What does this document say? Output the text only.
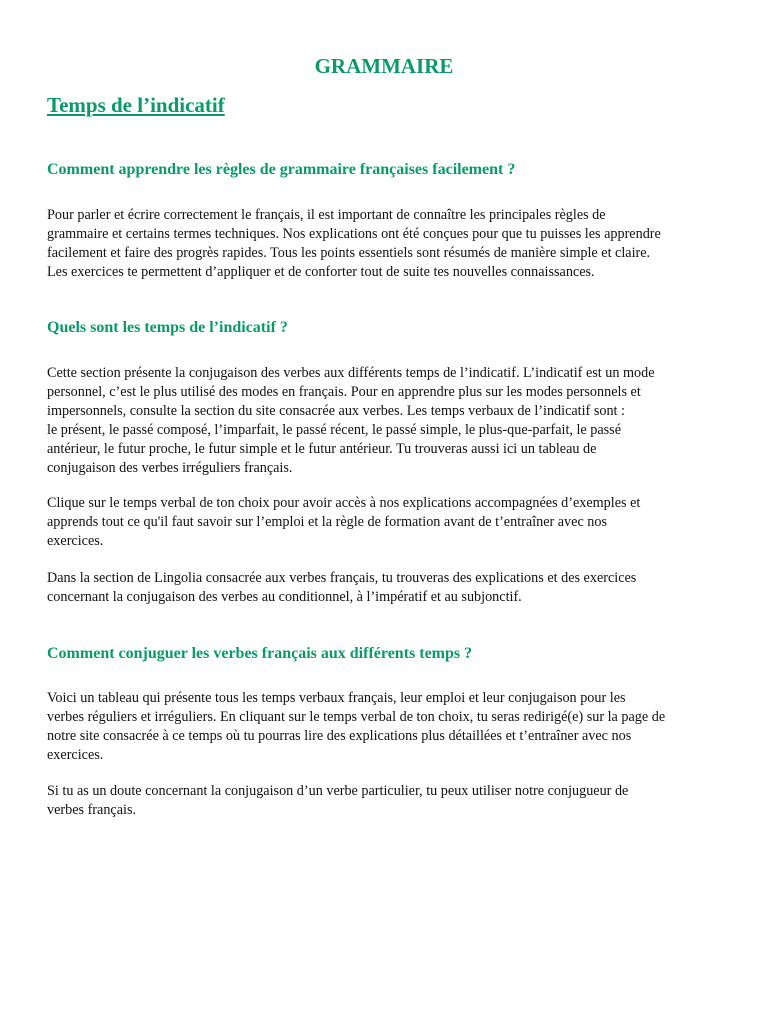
GRAMMAIRE
Temps de l’indicatif
Comment apprendre les règles de grammaire françaises facilement ?

Pour parler et écrire correctement le français, il est important de connaître les principales règles de
grammaire et certains termes techniques. Nos explications ont été conçues pour que tu puisses les apprendre
facilement et faire des progrès rapides. Tous les points essentiels sont résumés de manière simple et claire.
Les exercices te permettent d’appliquer et de conforter tout de suite tes nouvelles connaissances.

Quels sont les temps de l’indicatif ?

Cette section présente la conjugaison des verbes aux différents temps de l’indicatif. L’indicatif est un mode
personnel, c’est le plus utilisé des modes en français. Pour en apprendre plus sur les modes personnels et
impersonnels, consulte la section du site consacrée aux verbes. Les temps verbaux de l’indicatif sont :
le présent, le passé composé, l’imparfait, le passé récent, le passé simple, le plus-que-parfait, le passé
antérieur, le futur proche, le futur simple et le futur antérieur. Tu trouveras aussi ici un tableau de
conjugaison des verbes irréguliers français.

Clique sur le temps verbal de ton choix pour avoir accès à nos explications accompagnées d’exemples et
apprends tout ce qu'il faut savoir sur l’emploi et la règle de formation avant de t’entraîner avec nos
exercices.

Dans la section de Lingolia consacrée aux verbes français, tu trouveras des explications et des exercices
concernant la conjugaison des verbes au conditionnel, à l’impératif et au subjonctif.

Comment conjuguer les verbes français aux différents temps ?

Voici un tableau qui présente tous les temps verbaux français, leur emploi et leur conjugaison pour les
verbes réguliers et irréguliers. En cliquant sur le temps verbal de ton choix, tu seras redirigé(e) sur la page de
notre site consacrée à ce temps où tu pourras lire des explications plus détaillées et t’entraîner avec nos
exercices.

Si tu as un doute concernant la conjugaison d’un verbe particulier, tu peux utiliser notre conjugueur de
verbes français.
